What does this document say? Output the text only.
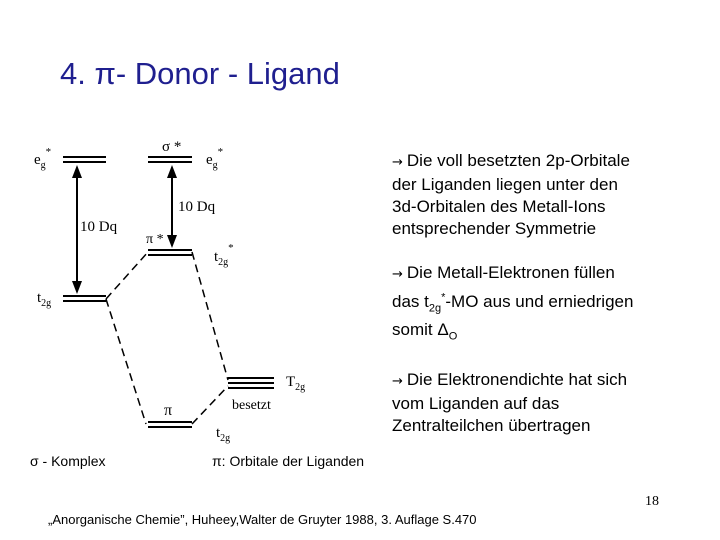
4. π- Donor - Ligand
$e_g^*$
10 Dq
$t_{2g}$
σ *
$e_g^*$
10 Dq
π *
$t_{2g}^*$
π
$t_{2g}$
$T_{2g}$
besetzt
σ - Komplex	π: Orbitale der Liganden
→ Die voll besetzten 2p-Orbitale
der Liganden liegen unter den
3d-Orbitalen des Metall-Ions
entsprechender Symmetrie
→ Die Metall-Elektronen füllen
das $t_{2g}^*-MO$ aus und erniedrigen
somit $\Delta_O$
→ Die Elektronendichte hat sich
vom Liganden auf das
Zentralteilchen übertragen
18
„Anorganische Chemie”, Huheey,Walter de Gruyter 1988, 3. Auflage S.470
